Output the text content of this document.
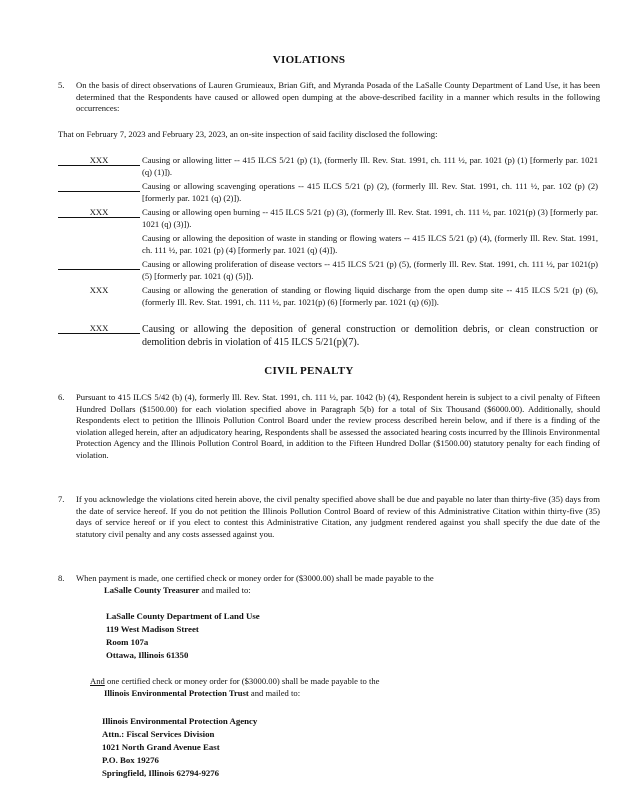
VIOLATIONS
5. On the basis of direct observations of Lauren Grumieaux, Brian Gift, and Myranda Posada of the LaSalle County Department of Land Use, it has been determined that the Respondents have caused or allowed open dumping at the above-described facility in a manner which results in the following occurrences:
That on February 7, 2023 and February 23, 2023, an on-site inspection of said facility disclosed the following:
XXX	Causing or allowing litter -- 415 ILCS 5/21 (p) (1), (formerly Ill. Rev. Stat. 1991, ch. 111 ½, par. 1021 (p) (1) [formerly par. 1021 (q) (1)]).
Causing or allowing scavenging operations -- 415 ILCS 5/21 (p) (2), (formerly Ill. Rev. Stat. 1991, ch. 111 ½, par. 102 (p) (2) [formerly par. 1021 (q) (2)]).
XXX	Causing or allowing open burning -- 415 ILCS 5/21 (p) (3), (formerly Ill. Rev. Stat. 1991, ch. 111 ½, par. 1021(p) (3) [formerly par. 1021 (q) (3)]).
Causing or allowing the deposition of waste in standing or flowing waters -- 415 ILCS 5/21 (p) (4), (formerly Ill. Rev. Stat. 1991, ch. 111 ½, par. 1021 (p) (4) [formerly par. 1021 (q) (4)]).
Causing or allowing proliferation of disease vectors -- 415 ILCS 5/21 (p) (5), (formerly Ill. Rev. Stat. 1991, ch. 111 ½, par 1021(p) (5) [formerly par. 1021 (q) (5)]).
XXX	Causing or allowing the generation of standing or flowing liquid discharge from the open dump site -- 415 ILCS 5/21 (p) (6), (formerly Ill. Rev. Stat. 1991, ch. 111 ½, par. 1021(p) (6) [formerly par. 1021 (q) (6)]).
XXX	Causing or allowing the deposition of general construction or demolition debris, or clean construction or demolition debris in violation of 415 ILCS 5/21(p)(7).
CIVIL PENALTY
6. Pursuant to 415 ILCS 5/42 (b) (4), formerly Ill. Rev. Stat. 1991, ch. 111 ½, par. 1042 (b) (4), Respondent herein is subject to a civil penalty of Fifteen Hundred Dollars ($1500.00) for each violation specified above in Paragraph 5(b) for a total of Six Thousand ($6000.00). Additionally, should Respondents elect to petition the Illinois Pollution Control Board under the review process described herein below, and if there is a finding of the violation alleged herein, after an adjudicatory hearing, Respondents shall be assessed the associated hearing costs incurred by the Illinois Environmental Protection Agency and the Illinois Pollution Control Board, in addition to the Fifteen Hundred Dollar ($1500.00) statutory penalty for each finding of violation.
7. If you acknowledge the violations cited herein above, the civil penalty specified above shall be due and payable no later than thirty-five (35) days from the date of service hereof. If you do not petition the Illinois Pollution Control Board of review of this Administrative Citation within thirty-five (35) days of service hereof or if you elect to contest this Administrative Citation, any judgment rendered against you shall specify the due date of the statutory civil penalty and any costs assessed against you.
8. When payment is made, one certified check or money order for ($3000.00) shall be made payable to the
LaSalle County Treasurer and mailed to:
LaSalle County Department of Land Use
119 West Madison Street
Room 107a
Ottawa, Illinois 61350
And one certified check or money order for ($3000.00) shall be made payable to the
Illinois Environmental Protection Trust and mailed to:
Illinois Environmental Protection Agency
Attn.: Fiscal Services Division
1021 North Grand Avenue East
P.O. Box 19276
Springfield, Illinois 62794-9276
